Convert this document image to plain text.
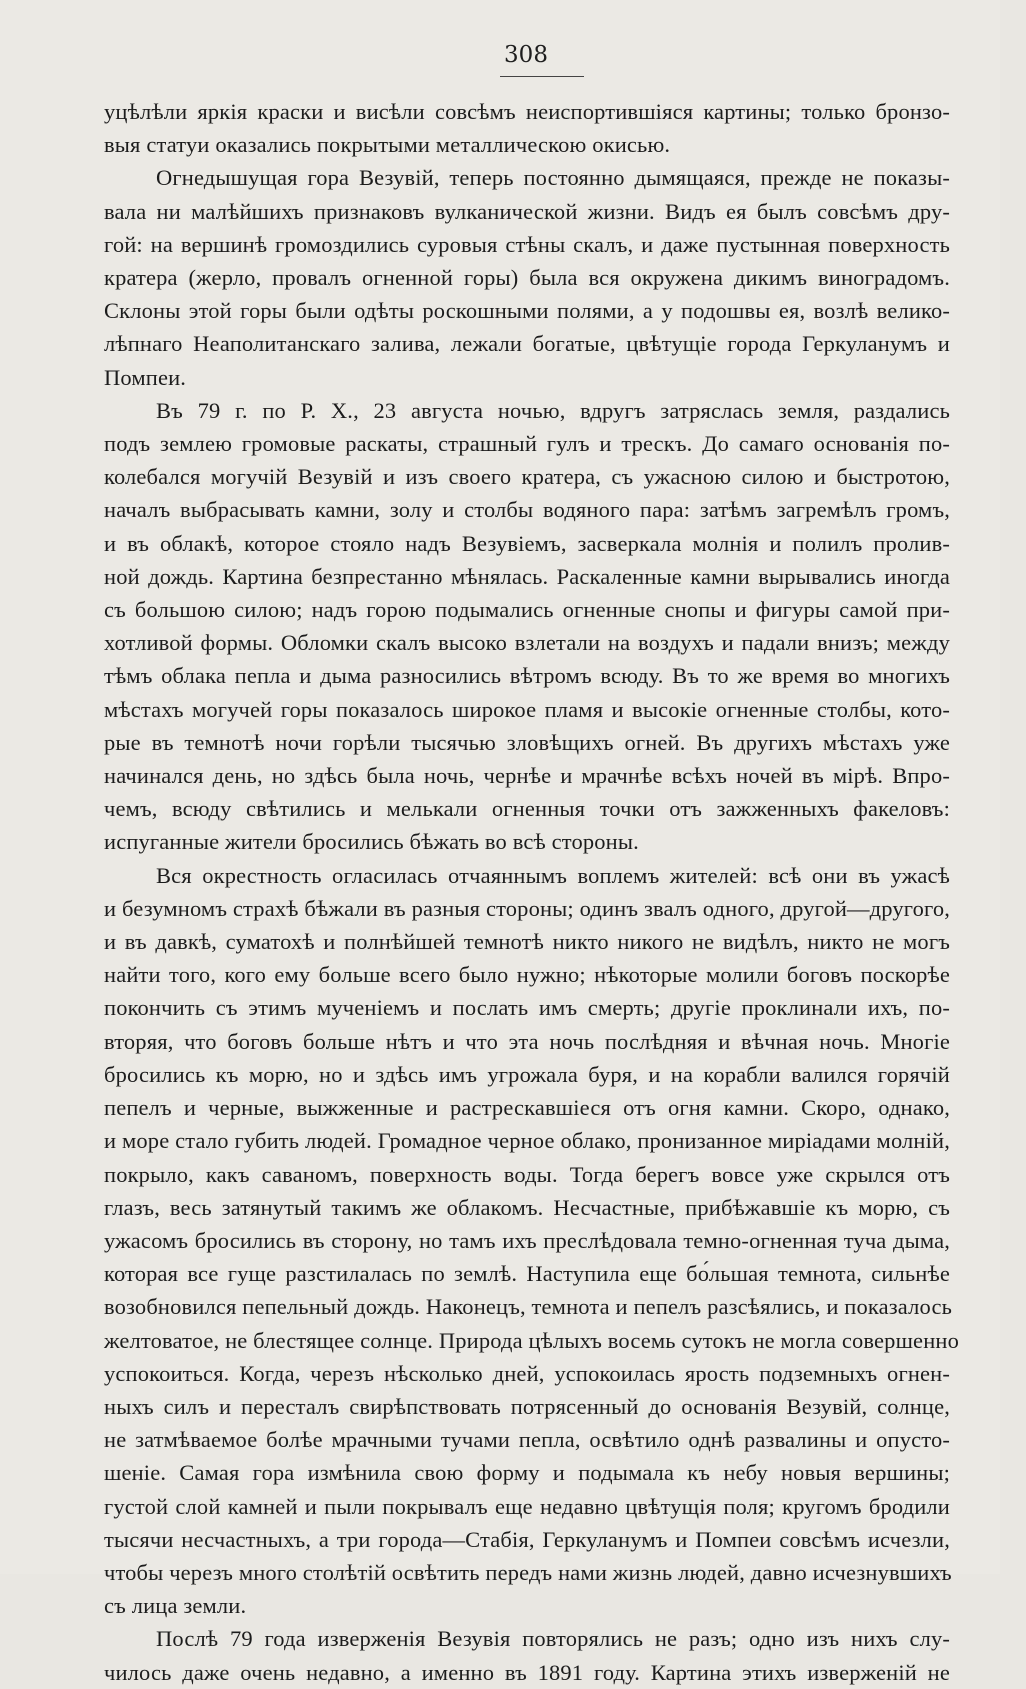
308
уцѣлѣли яркія краски и висѣли совсѣмъ неиспортившіяся картины; только бронзо-
выя статуи оказались покрытыми металлическою окисью.
Огнедышущая гора Везувій, теперь постоянно дымящаяся, прежде не показы-
вала ни малѣйшихъ признаковъ вулканической жизни. Видъ ея былъ совсѣмъ дру-
гой: на вершинѣ громоздились суровыя стѣны скалъ, и даже пустынная поверхность
кратера (жерло, провалъ огненной горы) была вся окружена дикимъ виноградомъ.
Склоны этой горы были одѣты роскошными полями, а у подошвы ея, возлѣ велико-
лѣпнаго Неаполитанскаго залива, лежали богатые, цвѣтущіе города Геркуланумъ и
Помпеи.
Въ 79 г. по Р. X., 23 августа ночью, вдругъ затряслась земля, раздались
подъ землею громовые раскаты, страшный гулъ и трескъ. До самаго основанія по-
колебался могучій Везувій и изъ своего кратера, съ ужасною силою и быстротою,
началъ выбрасывать камни, золу и столбы водяного пара: затѣмъ загремѣлъ громъ,
и въ облакѣ, которое стояло надъ Везувіемъ, засверкала молнія и полилъ пролив-
ной дождь. Картина безпрестанно мѣнялась. Раскаленные камни вырывались иногда
съ большою силою; надъ горою подымались огненные снопы и фигуры самой при-
хотливой формы. Обломки скалъ высоко взлетали на воздухъ и падали внизъ; между
тѣмъ облака пепла и дыма разносились вѣтромъ всюду. Въ то же время во многихъ
мѣстахъ могучей горы показалось широкое пламя и высокіе огненные столбы, кото-
рые въ темнотѣ ночи горѣли тысячью зловѣщихъ огней. Въ другихъ мѣстахъ уже
начинался день, но здѣсь была ночь, чернѣе и мрачнѣе всѣхъ ночей въ мірѣ. Впро-
чемъ, всюду свѣтились и мелькали огненныя точки отъ зажженныхъ факеловъ:
испуганные жители бросились бѣжать во всѣ стороны.
Вся окрестность огласилась отчаяннымъ воплемъ жителей: всѣ они въ ужасѣ
и безумномъ страхѣ бѣжали въ разныя стороны; одинъ звалъ одного, другой—другого,
и въ давкѣ, суматохѣ и полнѣйшей темнотѣ никто никого не видѣлъ, никто не могъ
найти того, кого ему больше всего было нужно; нѣкоторые молили боговъ поскорѣе
покончить съ этимъ мученіемъ и послать имъ смерть; другіе проклинали ихъ, по-
вторяя, что боговъ больше нѣтъ и что эта ночь послѣдняя и вѣчная ночь. Многіе
бросились къ морю, но и здѣсь имъ угрожала буря, и на корабли валился горячій
пепелъ и черные, выжженные и растрескавшіеся отъ огня камни. Скоро, однако,
и море стало губить людей. Громадное черное облако, пронизанное миріадами молній,
покрыло, какъ саваномъ, поверхность воды. Тогда берегъ вовсе уже скрылся отъ
глазъ, весь затянутый такимъ же облакомъ. Несчастные, прибѣжавшіе къ морю, съ
ужасомъ бросились въ сторону, но тамъ ихъ преслѣдовала темно-огненная туча дыма,
которая все гуще разстилалась по землѣ. Наступила еще бо́льшая темнота, сильнѣе
возобновился пепельный дождь. Наконецъ, темнота и пепелъ разсѣялись, и показалось
желтоватое, не блестящее солнце. Природа цѣлыхъ восемь сутокъ не могла совершенно
успокоиться. Когда, черезъ нѣсколько дней, успокоилась ярость подземныхъ огнен-
ныхъ силъ и пересталъ свирѣпствовать потрясенный до основанія Везувій, солнце,
не затмѣваемое болѣе мрачными тучами пепла, освѣтило однѣ развалины и опусто-
шеніе. Самая гора измѣнила свою форму и подымала къ небу новыя вершины;
густой слой камней и пыли покрывалъ еще недавно цвѣтущія поля; кругомъ бродили
тысячи несчастныхъ, а три города—Стабія, Геркуланумъ и Помпеи совсѣмъ исчезли,
чтобы черезъ много столѣтій освѣтить передъ нами жизнь людей, давно исчезнувшихъ
съ лица земли.
Послѣ 79 года изверженія Везувія повторялись не разъ; одно изъ нихъ слу-
чилось даже очень недавно, а именно въ 1891 году. Картина этихъ изверженій не
